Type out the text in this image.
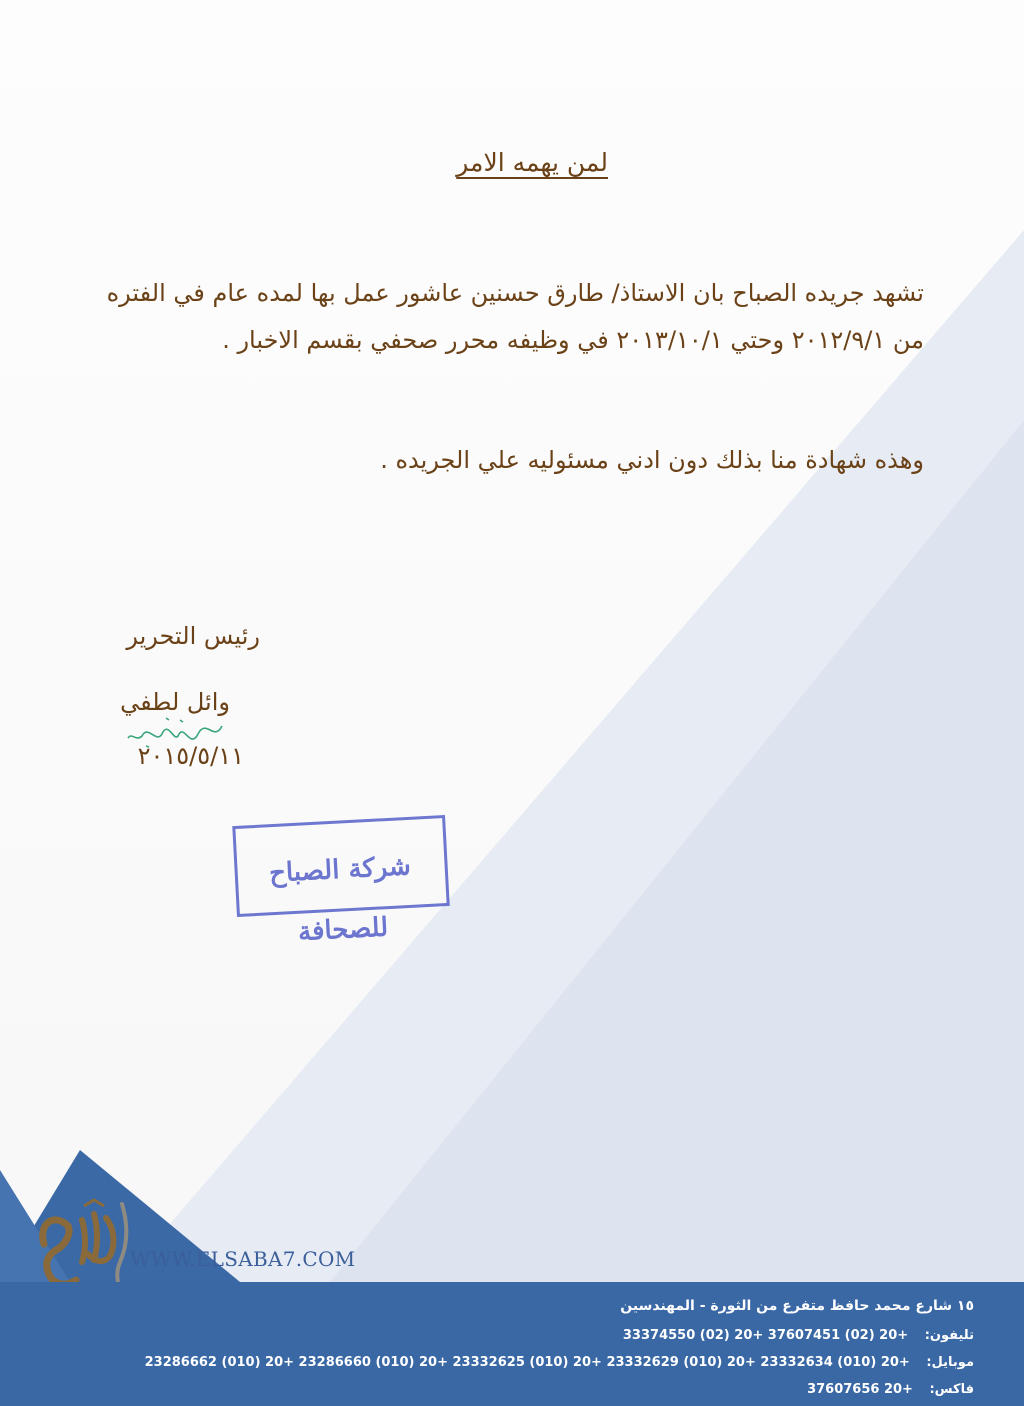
لمن يهمه الامر
تشهد جريده الصباح بان الاستاذ/ طارق حسنين عاشور عمل بها لمده عام في الفتره من ٢٠١٢/٩/١ وحتي ٢٠١٣/١٠/١ في وظيفه محرر صحفي بقسم الاخبار .
وهذه شهادة منا بذلك دون ادني مسئوليه علي الجريده .
رئيس التحرير
وائل لطفي
٢٠١٥/٥/١١
شركة الصباح للصحافة
WWW.ELSABA7.COM
١٥ شارع محمد حافظ متفرع من الثورة - المهندسين
تليفون: 33374550 (02) 20+ 37607451 (02) 20+
موبايل: 23286662 (010) 20+ 23286660 (010) 20+ 23332625 (010) 20+ 23332629 (010) 20+ 23332634 (010) 20+
فاكس: 37607656 20+
